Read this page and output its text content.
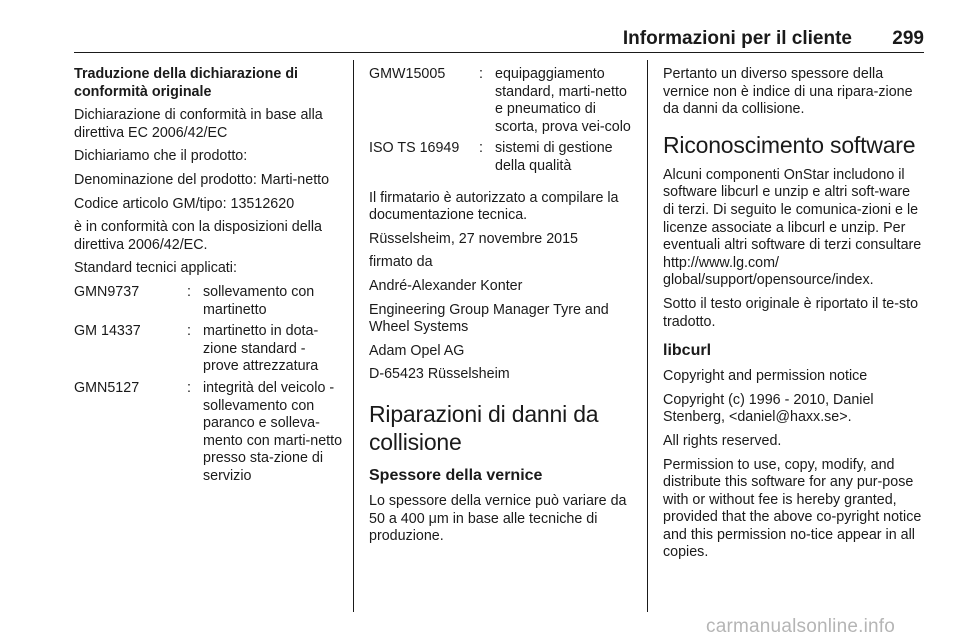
Informazioni per il cliente 299

Traduzione della dichiarazione di conformità originale

Dichiarazione di conformità in base alla direttiva EC 2006/42/EC

Dichiariamo che il prodotto:

Denominazione del prodotto: Marti-netto

Codice articolo GM/tipo: 13512620

è in conformità con la disposizioni della direttiva 2006/42/EC.

Standard tecnici applicati:

GMN9737	:	sollevamento con martinetto
GM 14337	:	martinetto in dota-zione standard - prove attrezzatura
GMN5127	:	integrità del veicolo - sollevamento con paranco e solleva-mento con marti-netto presso sta-zione di servizio
GMW15005	:	equipaggiamento standard, marti-netto e pneumatico di scorta, prova vei-colo
ISO TS 16949	:	sistemi di gestione della qualità

Il firmatario è autorizzato a compilare la documentazione tecnica.

Rüsselsheim, 27 novembre 2015

firmato da

André-Alexander Konter

Engineering Group Manager Tyre and Wheel Systems

Adam Opel AG

D-65423 Rüsselsheim

Riparazioni di danni da collisione
Spessore della vernice

Lo spessore della vernice può variare da 50 a 400 μm in base alle tecniche di produzione.

Pertanto un diverso spessore della vernice non è indice di una ripara-zione da danni da collisione.

Riconoscimento software

Alcuni componenti OnStar includono il software libcurl e unzip e altri soft-ware di terzi. Di seguito le comunica-zioni e le licenze associate a libcurl e unzip. Per eventuali altri software di terzi consultare http://www.lg.com/ global/support/opensource/index.

Sotto il testo originale è riportato il te-sto tradotto.

libcurl

Copyright and permission notice

Copyright (c) 1996 - 2010, Daniel Stenberg, <daniel@haxx.se>.

All rights reserved.

Permission to use, copy, modify, and distribute this software for any pur-pose with or without fee is hereby granted, provided that the above co-pyright notice and this permission no-tice appear in all copies.

carmanualsonline.info
